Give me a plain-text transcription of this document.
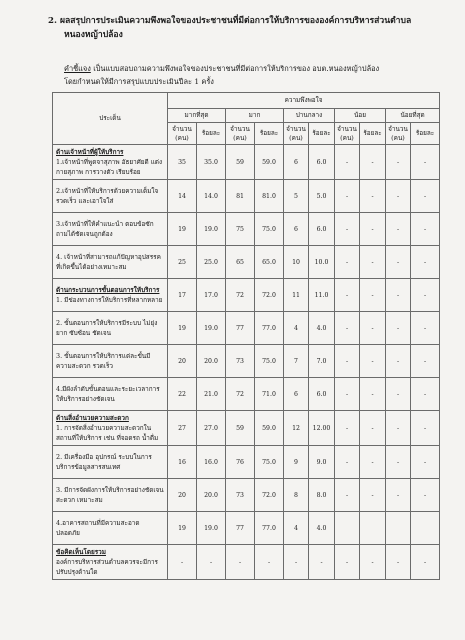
2. ผลสรุปการประเมินความพึงพอใจของประชาชนที่มีต่อการให้บริการขององค์การบริหารส่วนตำบล
หนองหญ้าปล้อง
คำชี้แจง เป็นแบบสอบถามความพึงพอใจของประชาชนที่มีต่อการให้บริการของ อบต.หนองหญ้าปล้อง
โดยกำหนดให้มีการสรุปแบบประเมินปีละ 1 ครั้ง
ประเด็น	ความพึงพอใจ									
	มากที่สุด		มาก		ปานกลาง		น้อย		น้อยที่สุด	
	จำนวน (คน)	ร้อยละ	จำนวน (คน)	ร้อยละ	จำนวน (คน)	ร้อยละ	จำนวน (คน)	ร้อยละ	จำนวน (คน)	ร้อยละ

ด้านเจ้าหน้าที่ผู้ให้บริการ
1.เจ้าหน้าที่พูดจาสุภาพ อัธยาศัยดี แต่งกายสุภาพ การวางตัว เรียบร้อย	35	35.0	59	59.0	6	6.0	-	-	-	-
2.เจ้าหน้าที่ให้บริการด้วยความเต็มใจ รวดเร็ว และเอาใจใส่	14	14.0	81	81.0	5	5.0	-	-	-	-
3.เจ้าหน้าที่ให้คำแนะนำ ตอบข้อซักถามได้ชัดเจนถูกต้อง	19	19.0	75	75.0	6	6.0	-	-	-	-
4. เจ้าหน้าที่สามารถแก้ปัญหาอุปสรรคที่เกิดขึ้นได้อย่างเหมาะสม	25	25.0	65	65.0	10	10.0	-	-	-	-

ด้านกระบวนการขั้นตอนการให้บริการ
1. มีช่องทางการให้บริการที่หลากหลาย	17	17.0	72	72.0	11	11.0	-	-	-	-
2. ขั้นตอนการให้บริการมีระบบ ไม่ยุ่งยาก ซับซ้อน ชัดเจน	19	19.0	77	77.0	4	4.0	-	-	-	-
3. ขั้นตอนการให้บริการแต่ละขั้นมีความสะดวก รวดเร็ว	20	20.0	73	75.0	7	7.0	-	-	-	-
4.มีผังลำดับขั้นตอนและระยะเวลาการให้บริการอย่างชัดเจน	22	21.0	72	71.0	6	6.0	-	-	-	-

ด้านสิ่งอำนวยความสะดวก
1. การจัดสิ่งอำนวยความสะดวกในสถานที่ให้บริการ เช่น ที่จอดรถ น้ำดื่ม	27	27.0	59	59.0	12	12.00	-	-	-	-
2. มีเครื่องมือ อุปกรณ์ ระบบในการบริการข้อมูลสารสนเทศ	16	16.0	76	75.0	9	9.0	-	-	-	-
3. มีการจัดผังการให้บริการอย่างชัดเจน สะดวก เหมาะสม	20	20.0	73	72.0	8	8.0	-	-	-	-
4.อาคารสถานที่มีความสะอาด ปลอดภัย	19	19.0	77	77.0	4	4.0				

ข้อคิดเห็นโดยรวม
องค์การบริหารส่วนตำบลควรจะมีการปรับปรุงด้านใด	-	-	-	-	-	-	-	-	-	-
